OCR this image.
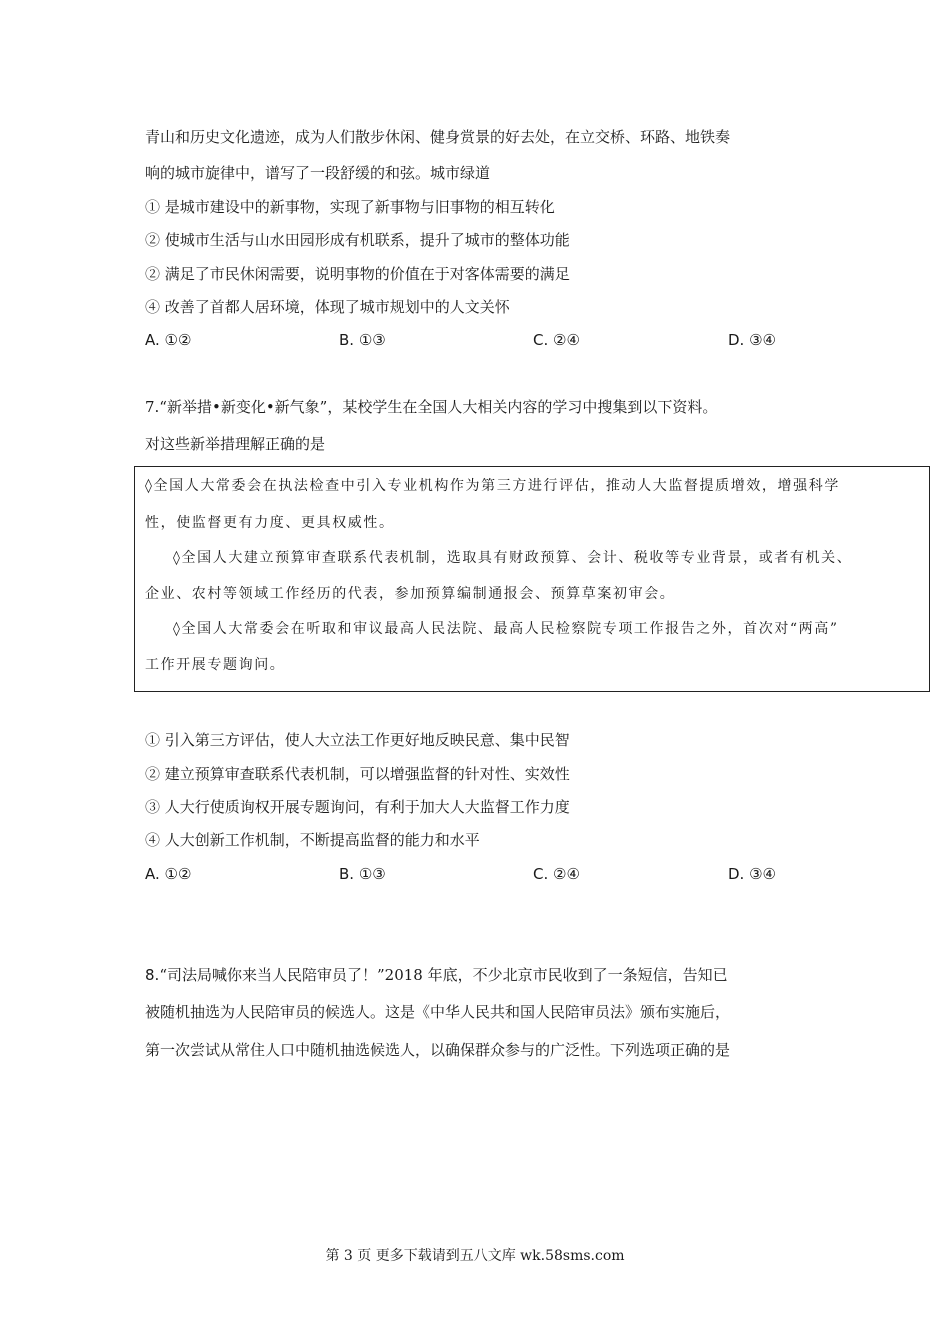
青山和历史文化遗迹，成为人们散步休闲、健身赏景的好去处，在立交桥、环路、地铁奏
响的城市旋律中，谱写了一段舒缓的和弦。城市绿道
① 是城市建设中的新事物，实现了新事物与旧事物的相互转化
② 使城市生活与山水田园形成有机联系，提升了城市的整体功能
② 满足了市民休闲需要，说明事物的价值在于对客体需要的满足
④ 改善了首都人居环境，体现了城市规划中的人文关怀
A. ①②	B. ①③	C. ②④	D. ③④
7.“新举措•新变化•新气象”，某校学生在全国人大相关内容的学习中搜集到以下资料。
对这些新举措理解正确的是
◊全国人大常委会在执法检查中引入专业机构作为第三方进行评估，推动人大监督提质增效，增强科学
性，使监督更有力度、更具权威性。
◊全国人大建立预算审查联系代表机制，选取具有财政预算、会计、税收等专业背景，或者有机关、
企业、农村等领域工作经历的代表，参加预算编制通报会、预算草案初审会。
◊全国人大常委会在听取和审议最高人民法院、最高人民检察院专项工作报告之外，首次对“两高”
工作开展专题询问。
① 引入第三方评估，使人大立法工作更好地反映民意、集中民智
② 建立预算审查联系代表机制，可以增强监督的针对性、实效性
③ 人大行使质询权开展专题询问，有利于加大人大监督工作力度
④ 人大创新工作机制，不断提高监督的能力和水平
A. ①②	B. ①③	C. ②④	D. ③④
8.“司法局喊你来当人民陪审员了！”2018 年底，不少北京市民收到了一条短信，告知已
被随机抽选为人民陪审员的候选人。这是《中华人民共和国人民陪审员法》颁布实施后，
第一次尝试从常住人口中随机抽选候选人，以确保群众参与的广泛性。下列选项正确的是
第 3 页 更多下载请到五八文库 wk.58sms.com
